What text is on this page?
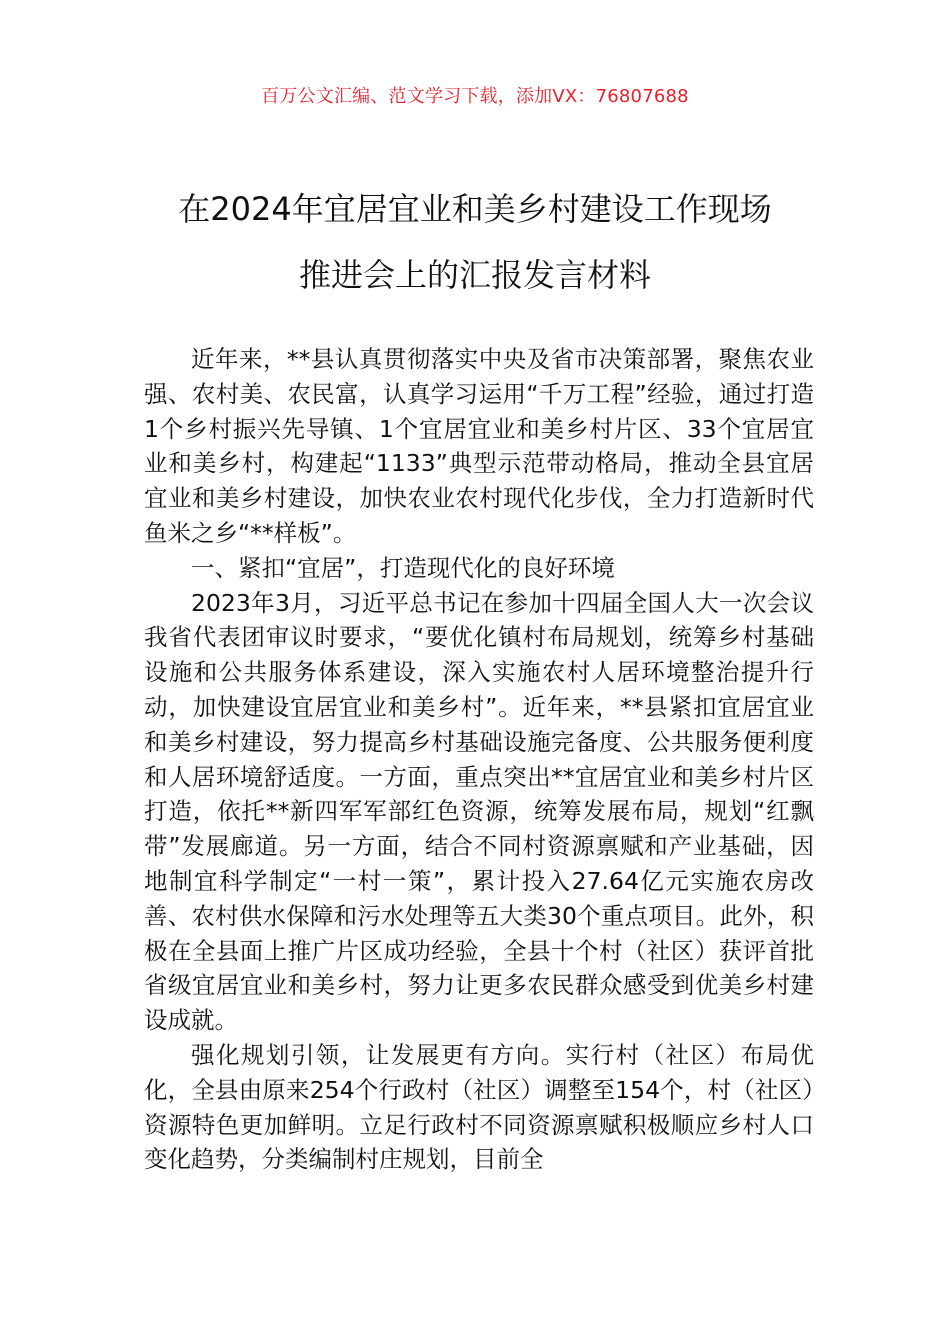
百万公文汇编、范文学习下载，添加VX：76807688
在2024年宜居宜业和美乡村建设工作现场
推进会上的汇报发言材料

近年来，**县认真贯彻落实中央及省市决策部署，聚焦农业强、农村美、农民富，认真学习运用“千万工程”经验，通过打造1个乡村振兴先导镇、1个宜居宜业和美乡村片区、33个宜居宜业和美乡村，构建起“1133”典型示范带动格局，推动全县宜居宜业和美乡村建设，加快农业农村现代化步伐，全力打造新时代鱼米之乡“**样板”。

一、紧扣“宜居”，打造现代化的良好环境

2023年3月，习近平总书记在参加十四届全国人大一次会议我省代表团审议时要求，“要优化镇村布局规划，统筹乡村基础设施和公共服务体系建设，深入实施农村人居环境整治提升行动，加快建设宜居宜业和美乡村”。近年来，**县紧扣宜居宜业和美乡村建设，努力提高乡村基础设施完备度、公共服务便利度和人居环境舒适度。一方面，重点突出**宜居宜业和美乡村片区打造，依托**新四军军部红色资源，统筹发展布局，规划“红飘带”发展廊道。另一方面，结合不同村资源禀赋和产业基础，因地制宜科学制定“一村一策”，累计投入27.64亿元实施农房改善、农村供水保障和污水处理等五大类30个重点项目。此外，积极在全县面上推广片区成功经验，全县十个村（社区）获评首批省级宜居宜业和美乡村，努力让更多农民群众感受到优美乡村建设成就。

强化规划引领，让发展更有方向。实行村（社区）布局优化，全县由原来254个行政村（社区）调整至154个，村（社区）资源特色更加鲜明。立足行政村不同资源禀赋积极顺应乡村人口变化趋势，分类编制村庄规划，目前全
